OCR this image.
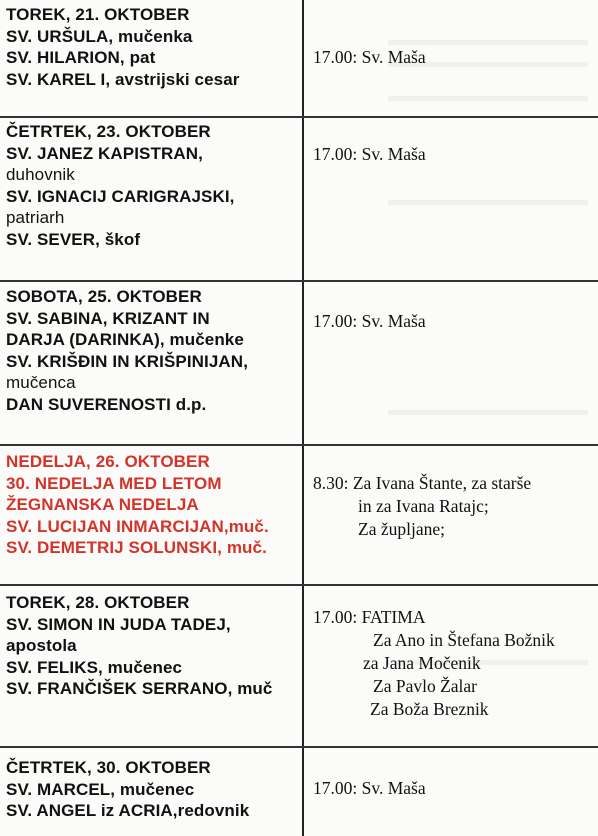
TOREK, 21. OKTOBER
SV. URŠULA, mučenka
SV. HILARION, pat
SV. KAREL I, avstrijski cesar
17.00: Sv. Maša
ČETRTEK, 23. OKTOBER
SV. JANEZ KAPISTRAN,
duhovnik
SV. IGNACIJ CARIGRAJSKI,
patriarh
SV. SEVER, škof
17.00: Sv. Maša
SOBOTA, 25. OKTOBER
SV. SABINA, KRIZANT IN
DARJA (DARINKA), mučenke
SV. KRIŠĐIN IN KRIŠPINIJAN,
mučenca
DAN SUVERENOSTI d.p.
17.00: Sv. Maša
NEDELJA, 26. OKTOBER
30. NEDELJA MED LETOM
ŽEGNANSKA NEDELJA
SV. LUCIJAN INMARCIJAN,muč.
SV. DEMETRIJ SOLUNSKI, muč.
8.30: Za Ivana Štante, za starše
in za Ivana Ratajc;
Za župljane;
TOREK, 28. OKTOBER
SV. SIMON IN JUDA TADEJ,
apostola
SV. FELIKS, mučenec
SV. FRANČIŠEK SERRANO, muč
17.00: FATIMA
Za Ano in Štefana Božnik
za Jana Močenik
Za Pavlo Žalar
Za Boža Breznik
ČETRTEK, 30. OKTOBER
SV. MARCEL, mučenec
SV. ANGEL iz ACRIA,redovnik
17.00: Sv. Maša
